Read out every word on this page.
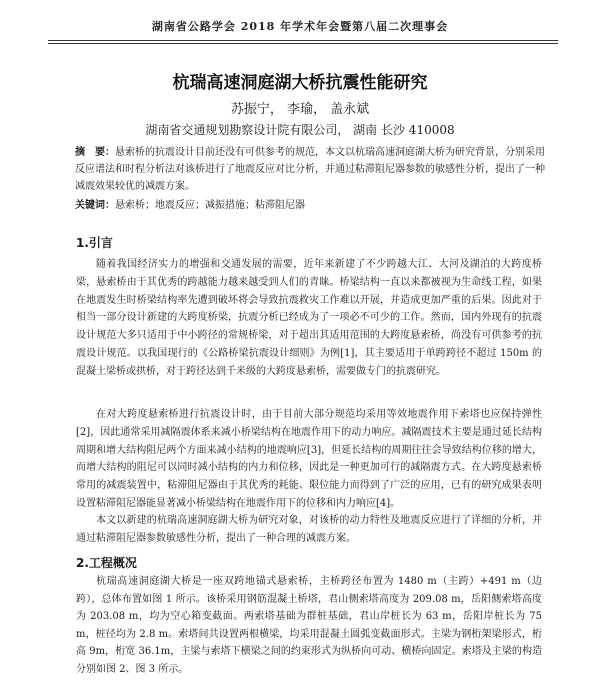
湖南省公路学会 2018 年学术年会暨第八届二次理事会
杭瑞高速洞庭湖大桥抗震性能研究
苏振宁， 李瑜， 盖永斌
湖南省交通规划勘察设计院有限公司， 湖南 长沙 410008
摘　要：悬索桥的抗震设计目前还没有可供参考的规范，本文以杭瑞高速洞庭湖大桥为研究背景，分别采用反应谱法和时程分析法对该桥进行了地震反应对比分析，并通过粘滞阻尼器参数的敏感性分析，提出了一种减震效果较优的减震方案。
关键词：悬索桥；地震反应；减振措施；粘滞阻尼器
1.引言

随着我国经济实力的增强和交通发展的需要，近年来新建了不少跨越大江、大河及湖泊的大跨度桥梁，悬索桥由于其优秀的跨越能力越来越受到人们的青睐。桥梁结构一直以来都被视为生命线工程，如果在地震发生时桥梁结构率先遭到破坏将会导致抗震救灾工作难以开展，并造成更加严重的后果。因此对于相当一部分设计新建的大跨度桥梁，抗震分析已经成为了一项必不可少的工作。然而，国内外现有的抗震设计规范大多只适用于中小跨径的常规桥梁，对于超出其适用范围的大跨度悬索桥，尚没有可供参考的抗震设计规范。以我国现行的《公路桥梁抗震设计细则》为例[1]，其主要适用于单跨跨径不超过 150m 的混凝土梁桥或拱桥，对于跨径达到千米级的大跨度悬索桥，需要做专门的抗震研究。

在对大跨度悬索桥进行抗震设计时，由于目前大部分规范均采用等效地震作用下索塔也应保持弹性[2]，因此通常采用减隔震体系来减小桥梁结构在地震作用下的动力响应。减隔震技术主要是通过延长结构周期和增大结构阻尼两个方面来减小结构的地震响应[3]，但延长结构的周期往往会导致结构位移的增大，而增大结构的阻尼可以同时减小结构的内力和位移，因此是一种更加可行的减隔震方式。在大跨度悬索桥常用的减震装置中，粘滞阻尼器由于其优秀的耗能、限位能力而得到了广泛的应用，已有的研究成果表明设置粘滞阻尼器能显著减小桥梁结构在地震作用下的位移和内力响应[4]。

本文以新建的杭瑞高速洞庭湖大桥为研究对象，对该桥的动力特性及地震反应进行了详细的分析，并通过粘滞阻尼器参数敏感性分析，提出了一种合理的减震方案。

2.工程概况

杭瑞高速洞庭湖大桥是一座双跨地锚式悬索桥，主桥跨径布置为 1480 m（主跨）+491 m（边跨），总体布置如图 1 所示。该桥采用钢筋混凝土桥塔，君山侧索塔高度为 209.08 m，岳阳侧索塔高度为 203.08 m，均为空心箱变截面。两索塔基础为群桩基础，君山岸桩长为 63 m，岳阳岸桩长为 75 m，桩径均为 2.8 m。索塔间共设置两根横梁，均采用混凝土圆弧变截面形式。主梁为钢桁架梁形式，桁高 9m，桁宽 36.1m，主梁与索塔下横梁之间的约束形式为纵桥向可动、横桥向固定。索塔及主梁的构造分别如图 2、图 3 所示。
